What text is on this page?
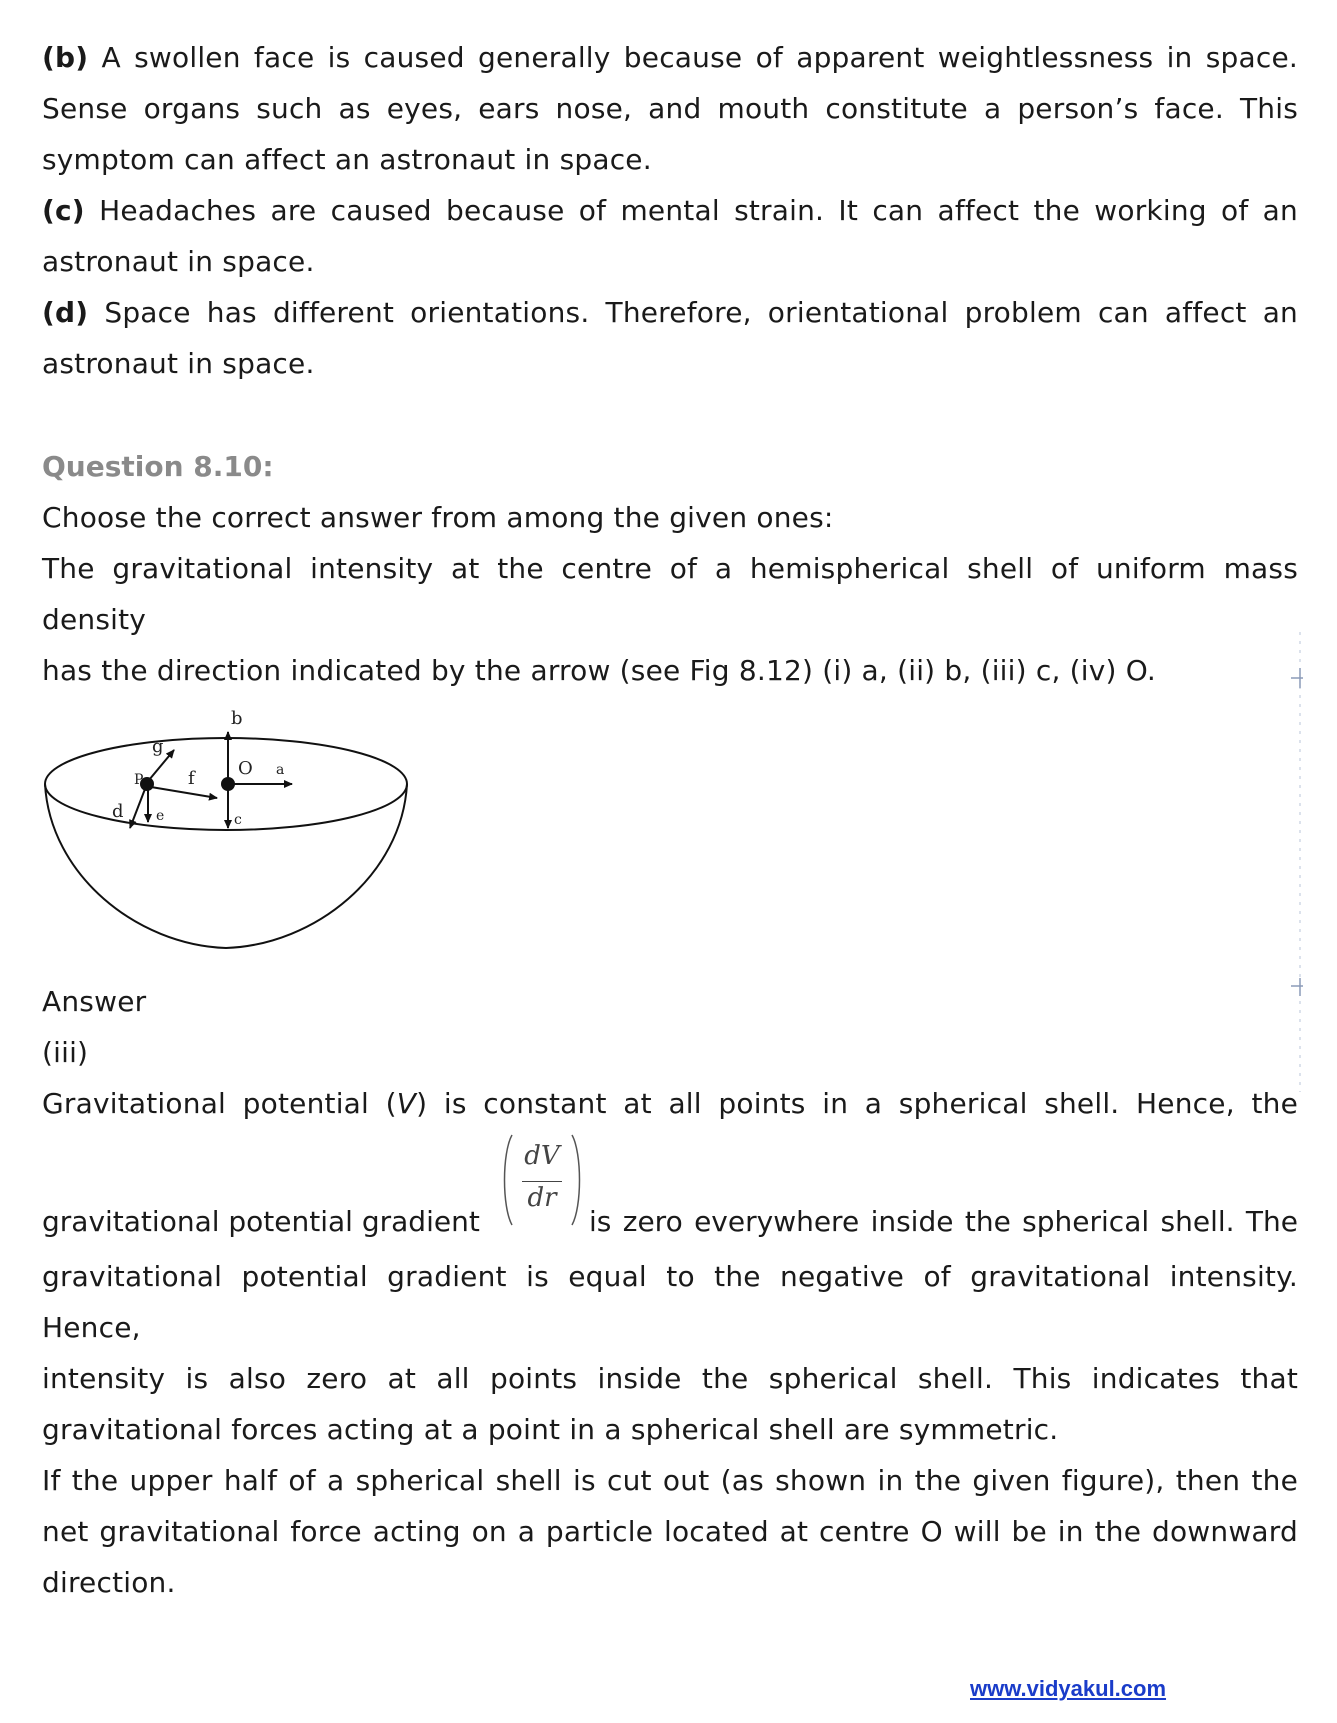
(b) A swollen face is caused generally because of apparent weightlessness in space.

Sense organs such as eyes, ears nose, and mouth constitute a person’s face. This

symptom can affect an astronaut in space.

(c) Headaches are caused because of mental strain. It can affect the working of an

astronaut in space.

(d) Space has different orientations. Therefore, orientational problem can affect an

astronaut in space.

Question 8.10:

Choose the correct answer from among the given ones:

The gravitational intensity at the centre of a hemispherical shell of uniform mass density

has the direction indicated by the arrow (see Fig 8.12) (i) a, (ii) b, (iii) c, (iv) O.

b
g
O a
P f
d e	c

Answer

(iii)

Gravitational potential (V) is constant at all points in a spherical shell. Hence, the

gravitational potential gradient
dV
dr
is zero everywhere inside the spherical shell. The

gravitational potential gradient is equal to the negative of gravitational intensity. Hence,

intensity is also zero at all points inside the spherical shell. This indicates that

gravitational forces acting at a point in a spherical shell are symmetric.

If the upper half of a spherical shell is cut out (as shown in the given figure), then the

net gravitational force acting on a particle located at centre O will be in the downward

direction.

www.vidyakul.com
